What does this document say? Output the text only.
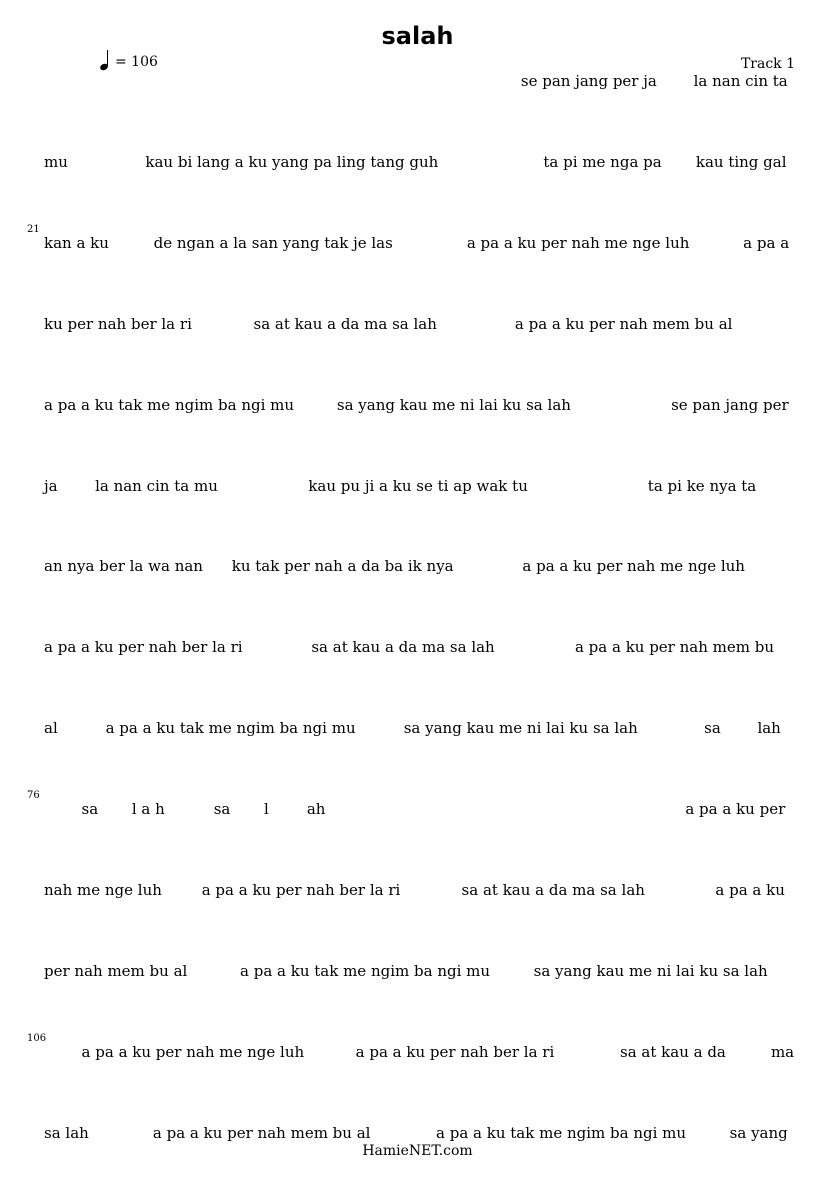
salah
= 106	Track 1
se pan jang per ja la nan cin ta
mu	kau bi lang a ku yang pa ling tang guh	ta pi me nga pa kau ting gal
21
kan a ku	de ngan a la san yang tak je las	a pa a ku per nah me nge luh	a pa a
ku per nah ber la ri	sa at kau a da ma sa lah	a pa a ku per nah mem bu al
a pa a ku tak me ngim ba ngi mu	sa yang kau me ni lai ku sa lah	se pan jang per
ja la nan cin ta mu	kau pu ji a ku se ti ap wak tu	ta pi ke nya ta
an nya ber la wa nan ku tak per nah a da ba ik nya	a pa a ku per nah me nge luh
a pa a ku per nah ber la ri	sa at kau a da ma sa lah	a pa a ku per nah mem bu
al	a pa a ku tak me ngim ba ngi mu	sa yang kau me ni lai ku sa lah	sa lah
76
sa l a h	sa l	ah	a pa a ku per
nah me nge luh	a pa a ku per nah ber la ri	sa at kau a da ma sa lah	a pa a ku
per nah mem bu al	a pa a ku tak me ngim ba ngi mu	sa yang kau me ni lai ku sa lah
106
a pa a ku per nah me nge luh	a pa a ku per nah ber la ri	sa at kau a da	ma
sa lah	a pa a ku per nah mem bu al	a pa a ku tak me ngim ba ngi mu	sa yang
HamieNET.com
